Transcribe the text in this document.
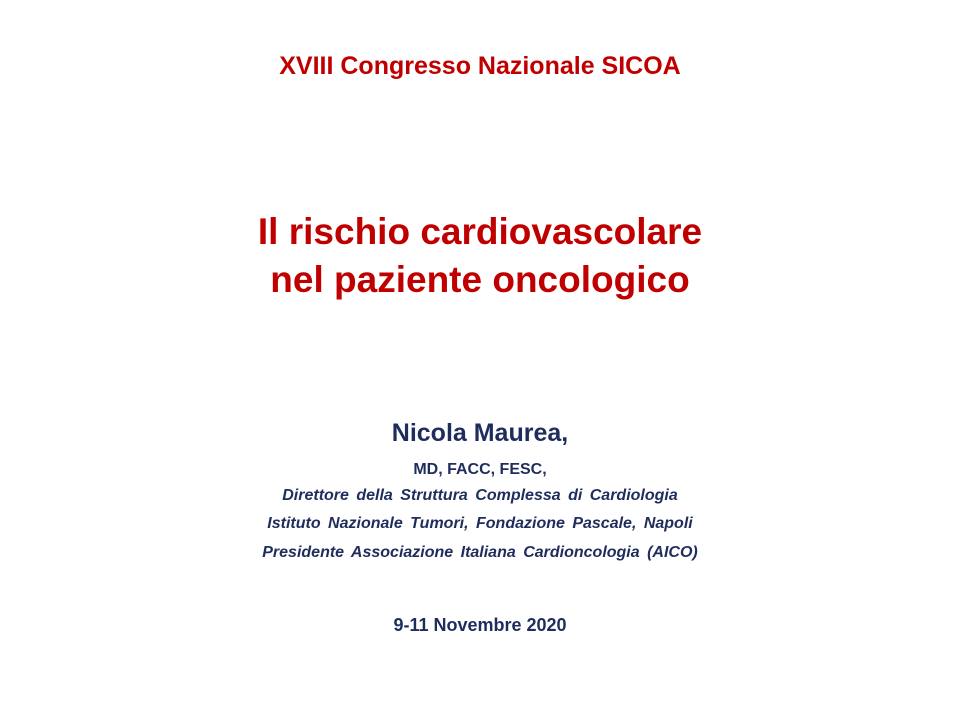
XVIII Congresso Nazionale SICOA
Il rischio cardiovascolare
nel paziente oncologico
Nicola Maurea,
MD, FACC, FESC,
Direttore della Struttura Complessa di Cardiologia
Istituto Nazionale Tumori, Fondazione Pascale, Napoli
Presidente Associazione Italiana Cardioncologia (AICO)
9-11 Novembre 2020
